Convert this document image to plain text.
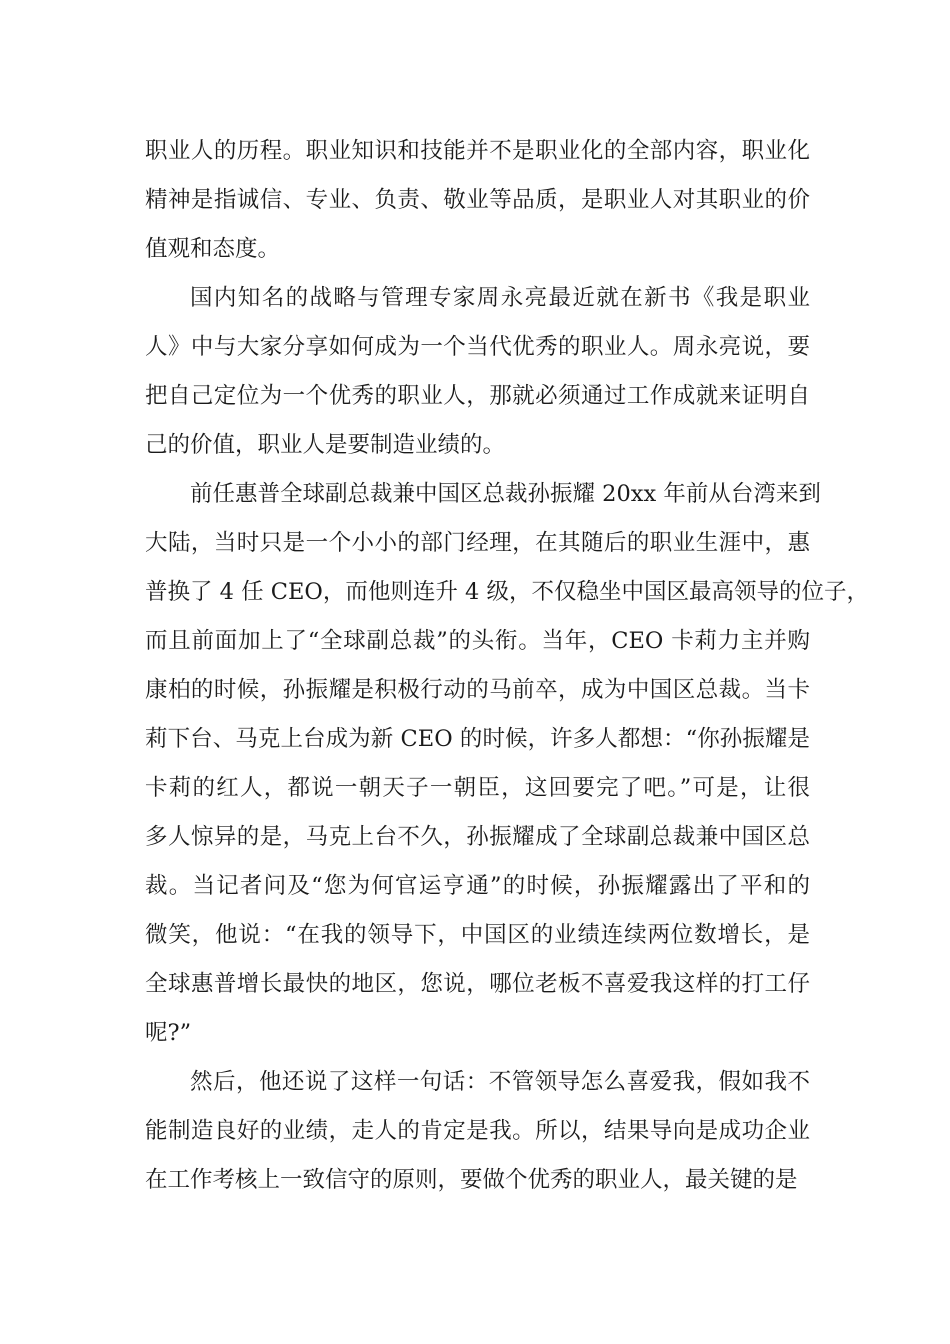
职业人的历程。职业知识和技能并不是职业化的全部内容，职业化
精神是指诚信、专业、负责、敬业等品质，是职业人对其职业的价
值观和态度。
国内知名的战略与管理专家周永亮最近就在新书《我是职业
人》中与大家分享如何成为一个当代优秀的职业人。周永亮说，要
把自己定位为一个优秀的职业人，那就必须通过工作成就来证明自
己的价值，职业人是要制造业绩的。
前任惠普全球副总裁兼中国区总裁孙振耀 20xx 年前从台湾来到
大陆，当时只是一个小小的部门经理，在其随后的职业生涯中，惠
普换了 4 任 CEO，而他则连升 4 级，不仅稳坐中国区最高领导的位子，
而且前面加上了“全球副总裁”的头衔。当年，CEO 卡莉力主并购
康柏的时候，孙振耀是积极行动的马前卒，成为中国区总裁。当卡
莉下台、马克上台成为新 CEO 的时候，许多人都想：“你孙振耀是
卡莉的红人，都说一朝天子一朝臣，这回要完了吧。”可是，让很
多人惊异的是，马克上台不久，孙振耀成了全球副总裁兼中国区总
裁。当记者问及“您为何官运亨通”的时候，孙振耀露出了平和的
微笑，他说：“在我的领导下，中国区的业绩连续两位数增长，是
全球惠普增长最快的地区，您说，哪位老板不喜爱我这样的打工仔
呢?”
然后，他还说了这样一句话：不管领导怎么喜爱我，假如我不
能制造良好的业绩，走人的肯定是我。所以，结果导向是成功企业
在工作考核上一致信守的原则，要做个优秀的职业人，最关键的是
